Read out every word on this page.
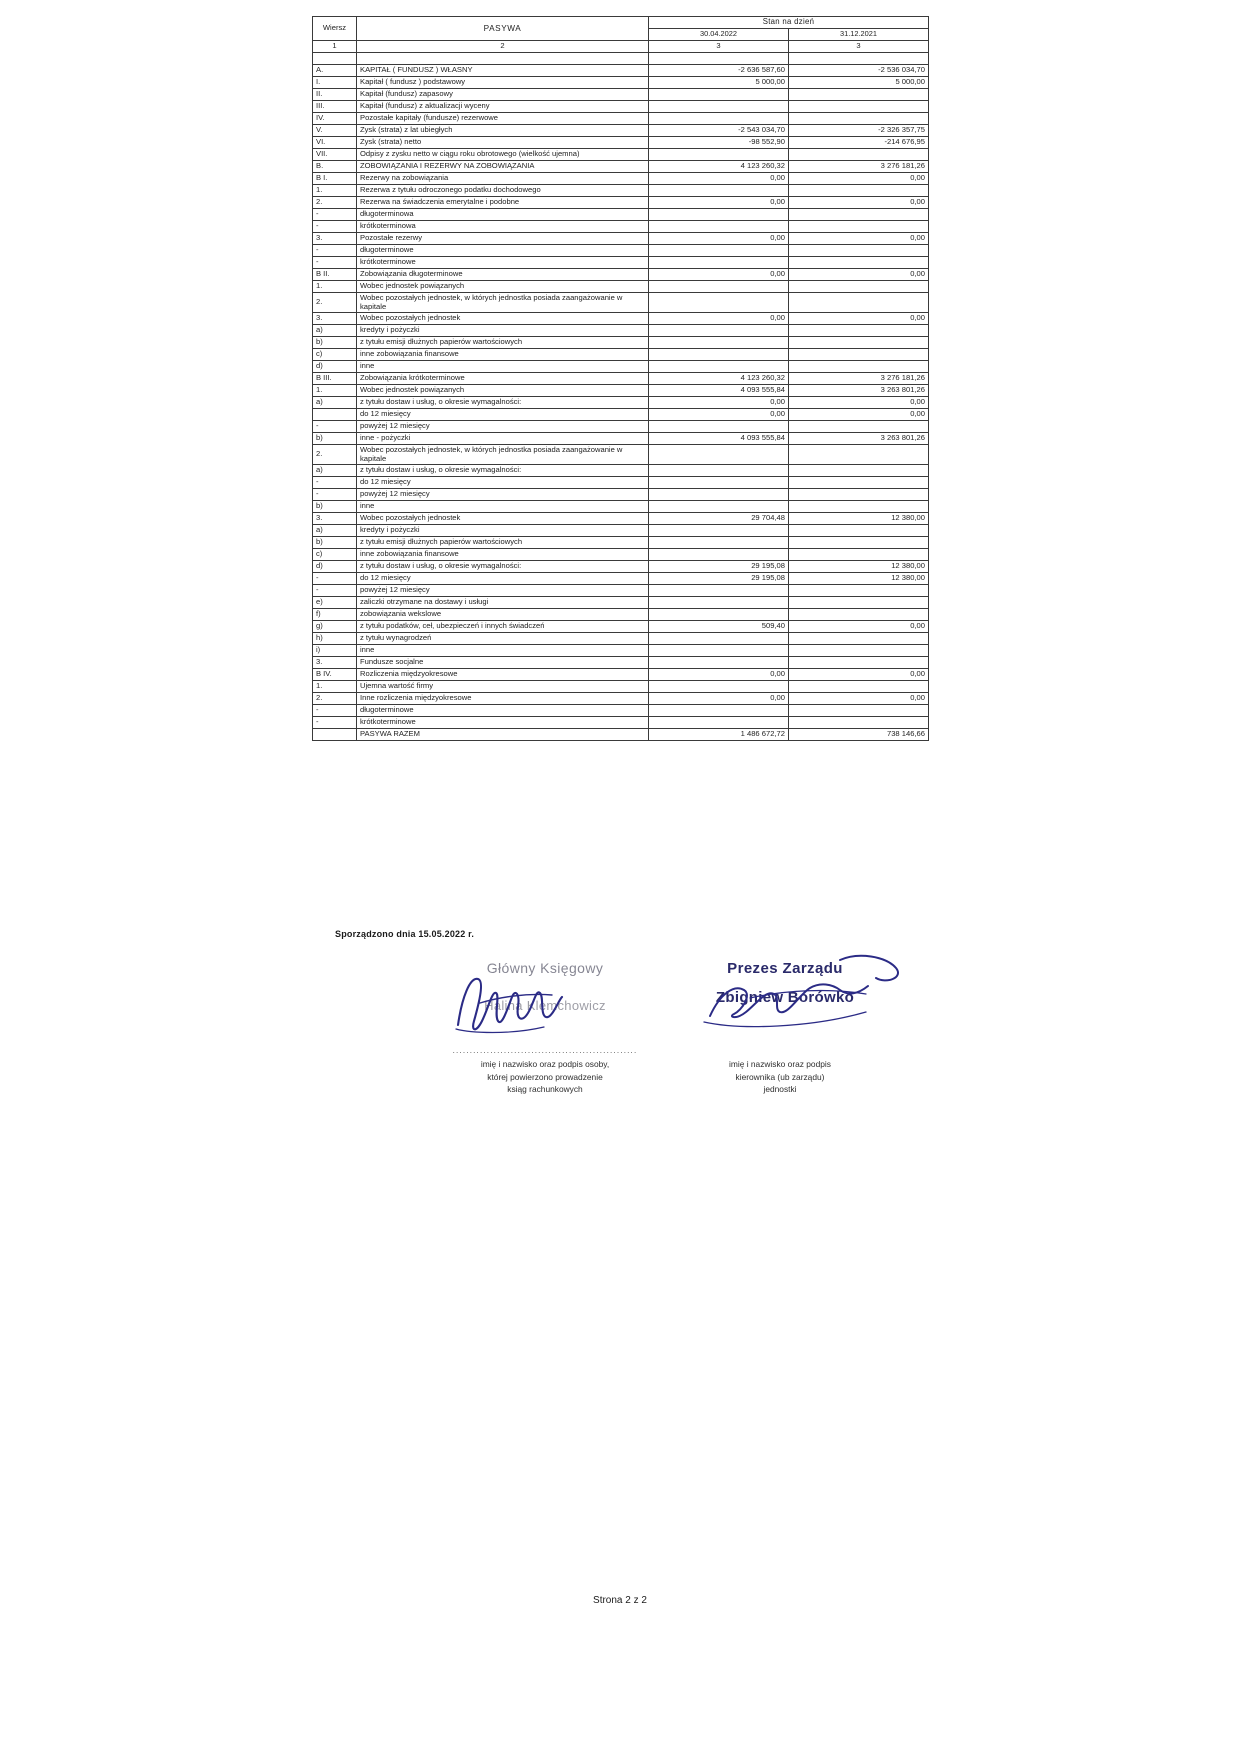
Wiersz	PASYWA	Stan na dzień	
		30.04.2022	31.12.2021
1	2	3	3

A.	KAPITAŁ ( FUNDUSZ ) WŁASNY	-2 636 587,60	-2 536 034,70
I.	Kapitał ( fundusz ) podstawowy	5 000,00	5 000,00
II.	Kapitał (fundusz) zapasowy		
III.	Kapitał (fundusz) z aktualizacji wyceny		
IV.	Pozostałe kapitały (fundusze) rezerwowe		
V.	Zysk (strata) z lat ubiegłych	-2 543 034,70	-2 326 357,75
VI.	Zysk (strata) netto	-98 552,90	-214 676,95
VII.	Odpisy z zysku netto w ciągu roku obrotowego (wielkość ujemna)		
B.	ZOBOWIĄZANIA I REZERWY NA ZOBOWIĄZANIA	4 123 260,32	3 276 181,26
B I.	Rezerwy na zobowiązania	0,00	0,00
1.	Rezerwa z tytułu odroczonego podatku dochodowego		
2.	Rezerwa na świadczenia emerytalne i podobne	0,00	0,00
-	długoterminowa		
-	krótkoterminowa		
3.	Pozostałe rezerwy	0,00	0,00
-	długoterminowe		
-	krótkoterminowe		
B II.	Zobowiązania długoterminowe	0,00	0,00
1.	Wobec jednostek powiązanych		
2.	Wobec pozostałych jednostek, w których jednostka posiada zaangażowanie w kapitale		
3.	Wobec pozostałych jednostek	0,00	0,00
a)	kredyty i pożyczki		
b)	z tytułu emisji dłużnych papierów wartościowych		
c)	inne zobowiązania finansowe		
d)	inne		
B III.	Zobowiązania krótkoterminowe	4 123 260,32	3 276 181,26
1.	Wobec jednostek powiązanych	4 093 555,84	3 263 801,26
a)	z tytułu dostaw i usług, o okresie wymagalności:	0,00	0,00
	do 12 miesięcy	0,00	0,00
-	powyżej 12 miesięcy		
b)	inne - pożyczki	4 093 555,84	3 263 801,26
2.	Wobec pozostałych jednostek, w których jednostka posiada zaangażowanie w kapitale		
a)	z tytułu dostaw i usług, o okresie wymagalności:		
-	do 12 miesięcy		
-	powyżej 12 miesięcy		
b)	inne		
3.	Wobec pozostałych jednostek	29 704,48	12 380,00
a)	kredyty i pożyczki		
b)	z tytułu emisji dłużnych papierów wartościowych		
c)	inne zobowiązania finansowe		
d)	z tytułu dostaw i usług, o okresie wymagalności:	29 195,08	12 380,00
-	do 12 miesięcy	29 195,08	12 380,00
-	powyżej 12 miesięcy		
e)	zaliczki otrzymane na dostawy i usługi		
f)	zobowiązania wekslowe		
g)	z tytułu podatków, ceł, ubezpieczeń i innych świadczeń	509,40	0,00
h)	z tytułu wynagrodzeń		
i)	inne		
3.	Fundusze socjalne		
B IV.	Rozliczenia międzyokresowe	0,00	0,00
1.	Ujemna wartość firmy		
2.	Inne rozliczenia międzyokresowe	0,00	0,00
-	długoterminowe		
-	krótkoterminowe		
	PASYWA RAZEM	1 486 672,72	738 146,66
Sporządzono dnia 15.05.2022 r.
Główny Księgowy
Halina Klemchowicz
......................................................
imię i nazwisko oraz podpis osoby,
której powierzono prowadzenie
ksiąg rachunkowych
Prezes Zarządu
Zbigniew Borówko
imię i nazwisko oraz podpis
kierownika (ub zarządu)
jednostki
Strona 2 z 2
